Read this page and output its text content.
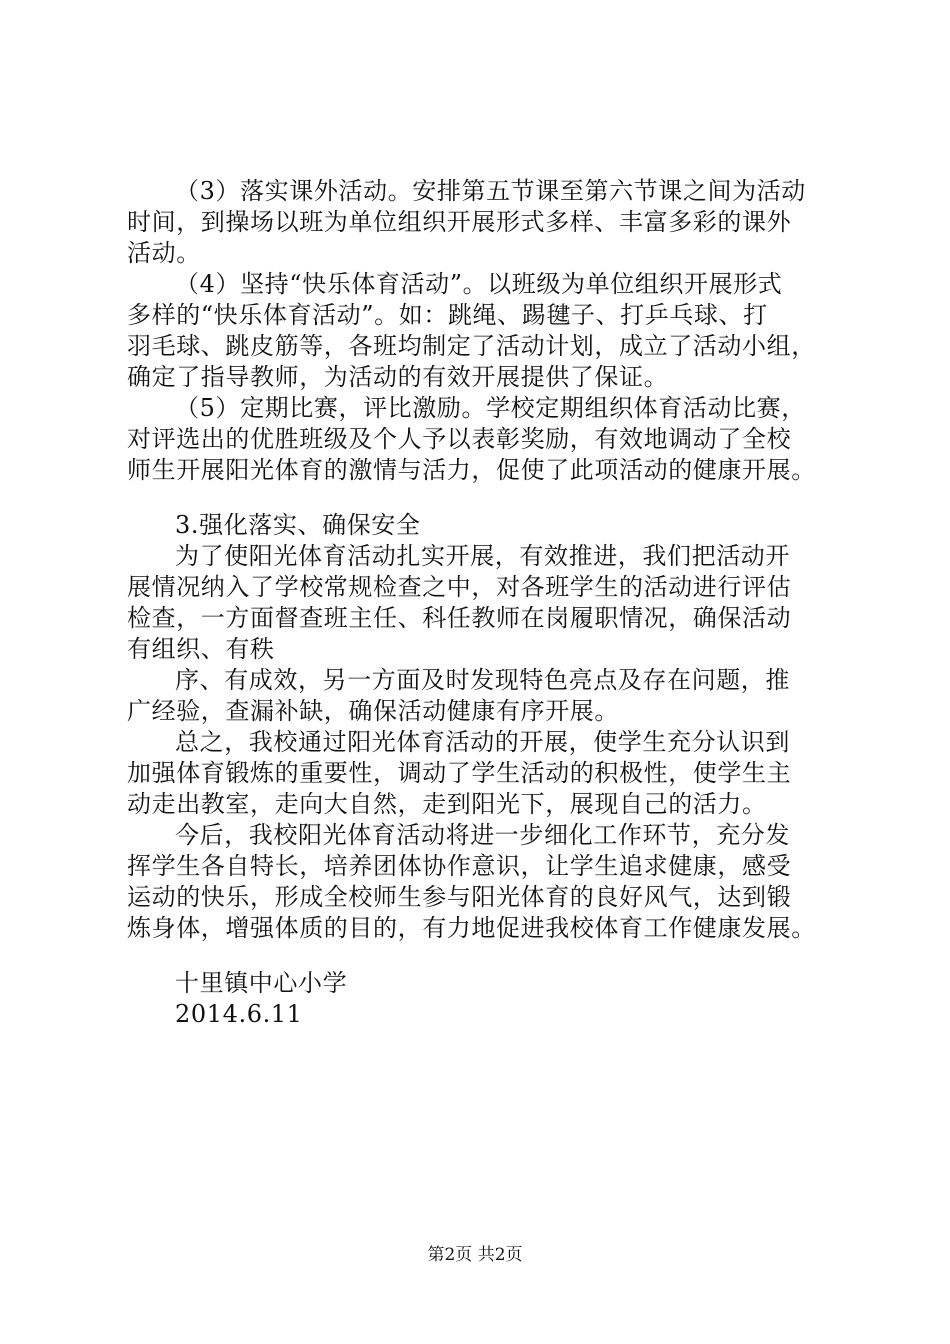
（3）落实课外活动。安排第五节课至第六节课之间为活动
时间，到操场以班为单位组织开展形式多样、丰富多彩的课外
活动。
（4）坚持“快乐体育活动”。以班级为单位组织开展形式
多样的“快乐体育活动”。如：跳绳、踢毽子、打乒乓球、打
羽毛球、跳皮筋等，各班均制定了活动计划，成立了活动小组，
确定了指导教师，为活动的有效开展提供了保证。
（5）定期比赛，评比激励。学校定期组织体育活动比赛，
对评选出的优胜班级及个人予以表彰奖励，有效地调动了全校
师生开展阳光体育的激情与活力，促使了此项活动的健康开展。
3.强化落实、确保安全
为了使阳光体育活动扎实开展，有效推进，我们把活动开
展情况纳入了学校常规检查之中，对各班学生的活动进行评估
检查，一方面督查班主任、科任教师在岗履职情况，确保活动
有组织、有秩
序、有成效，另一方面及时发现特色亮点及存在问题，推
广经验，查漏补缺，确保活动健康有序开展。
总之，我校通过阳光体育活动的开展，使学生充分认识到
加强体育锻炼的重要性，调动了学生活动的积极性，使学生主
动走出教室，走向大自然，走到阳光下，展现自己的活力。
今后，我校阳光体育活动将进一步细化工作环节，充分发
挥学生各自特长，培养团体协作意识，让学生追求健康，感受
运动的快乐，形成全校师生参与阳光体育的良好风气，达到锻
炼身体，增强体质的目的，有力地促进我校体育工作健康发展。
十里镇中心小学
2014.6.11
第2页 共2页
